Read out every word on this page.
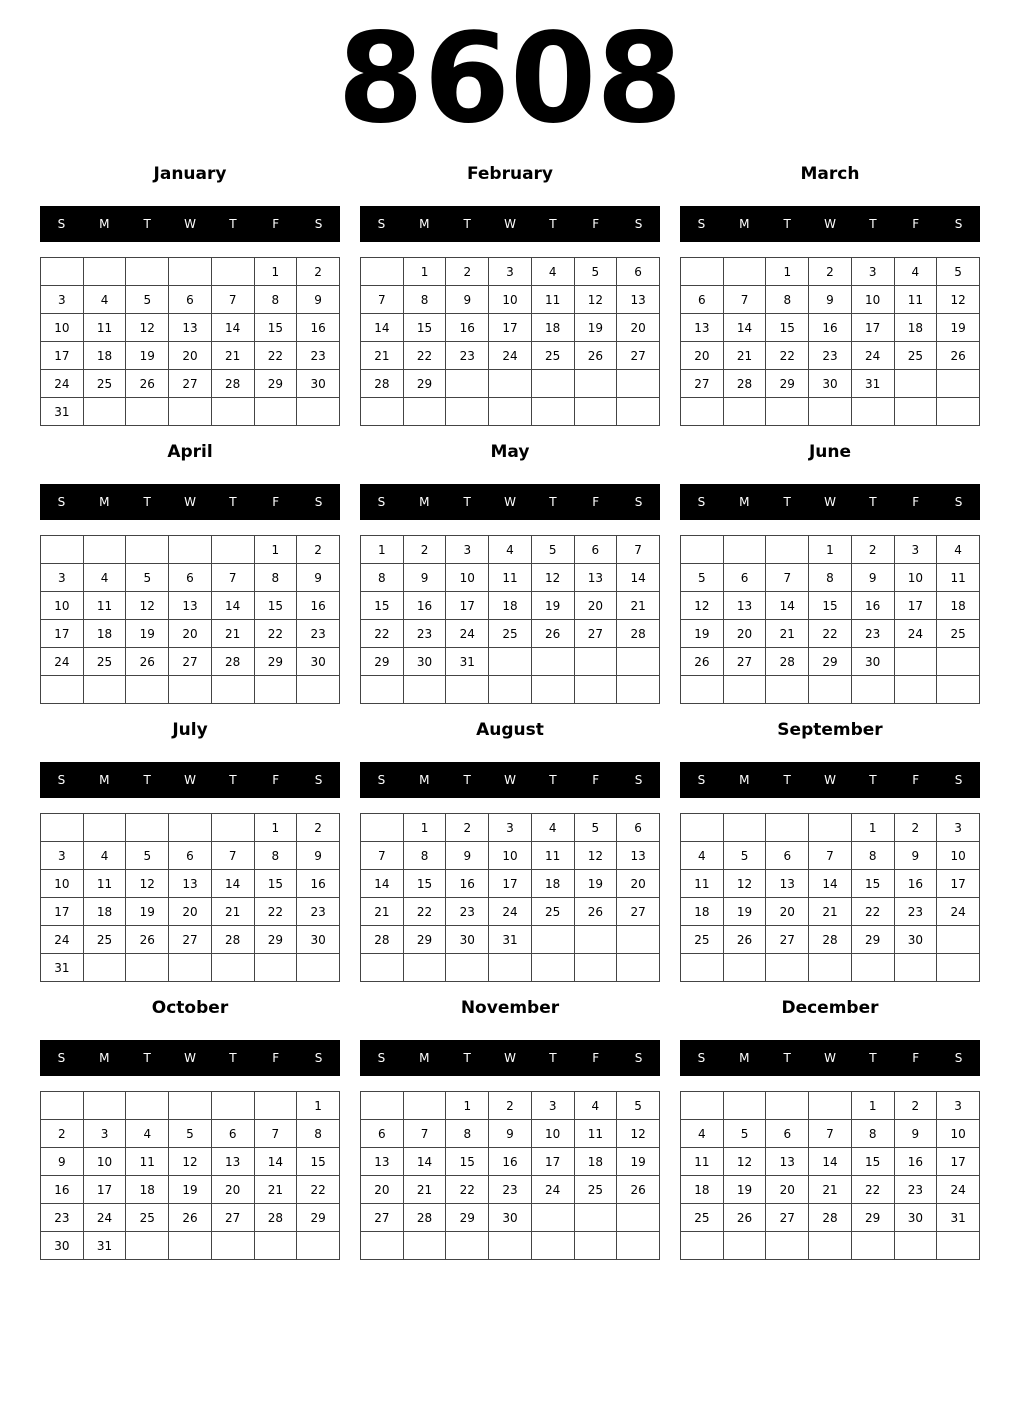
8608
January
S	M	T	W	T	F	S
					1	2
3	4	5	6	7	8	9
10	11	12	13	14	15	16
17	18	19	20	21	22	23
24	25	26	27	28	29	30
31						
February
S	M	T	W	T	F	S
	1	2	3	4	5	6
7	8	9	10	11	12	13
14	15	16	17	18	19	20
21	22	23	24	25	26	27
28	29					

March
S	M	T	W	T	F	S
		1	2	3	4	5
6	7	8	9	10	11	12
13	14	15	16	17	18	19
20	21	22	23	24	25	26
27	28	29	30	31		

April
S	M	T	W	T	F	S
					1	2
3	4	5	6	7	8	9
10	11	12	13	14	15	16
17	18	19	20	21	22	23
24	25	26	27	28	29	30

May
S	M	T	W	T	F	S
1	2	3	4	5	6	7
8	9	10	11	12	13	14
15	16	17	18	19	20	21
22	23	24	25	26	27	28
29	30	31				

June
S	M	T	W	T	F	S
			1	2	3	4
5	6	7	8	9	10	11
12	13	14	15	16	17	18
19	20	21	22	23	24	25
26	27	28	29	30		

July
S	M	T	W	T	F	S
					1	2
3	4	5	6	7	8	9
10	11	12	13	14	15	16
17	18	19	20	21	22	23
24	25	26	27	28	29	30
31						
August
S	M	T	W	T	F	S
	1	2	3	4	5	6
7	8	9	10	11	12	13
14	15	16	17	18	19	20
21	22	23	24	25	26	27
28	29	30	31			

September
S	M	T	W	T	F	S
				1	2	3
4	5	6	7	8	9	10
11	12	13	14	15	16	17
18	19	20	21	22	23	24
25	26	27	28	29	30	

October
S	M	T	W	T	F	S
						1
2	3	4	5	6	7	8
9	10	11	12	13	14	15
16	17	18	19	20	21	22
23	24	25	26	27	28	29
30	31					
November
S	M	T	W	T	F	S
		1	2	3	4	5
6	7	8	9	10	11	12
13	14	15	16	17	18	19
20	21	22	23	24	25	26
27	28	29	30			

December
S	M	T	W	T	F	S
				1	2	3
4	5	6	7	8	9	10
11	12	13	14	15	16	17
18	19	20	21	22	23	24
25	26	27	28	29	30	31
